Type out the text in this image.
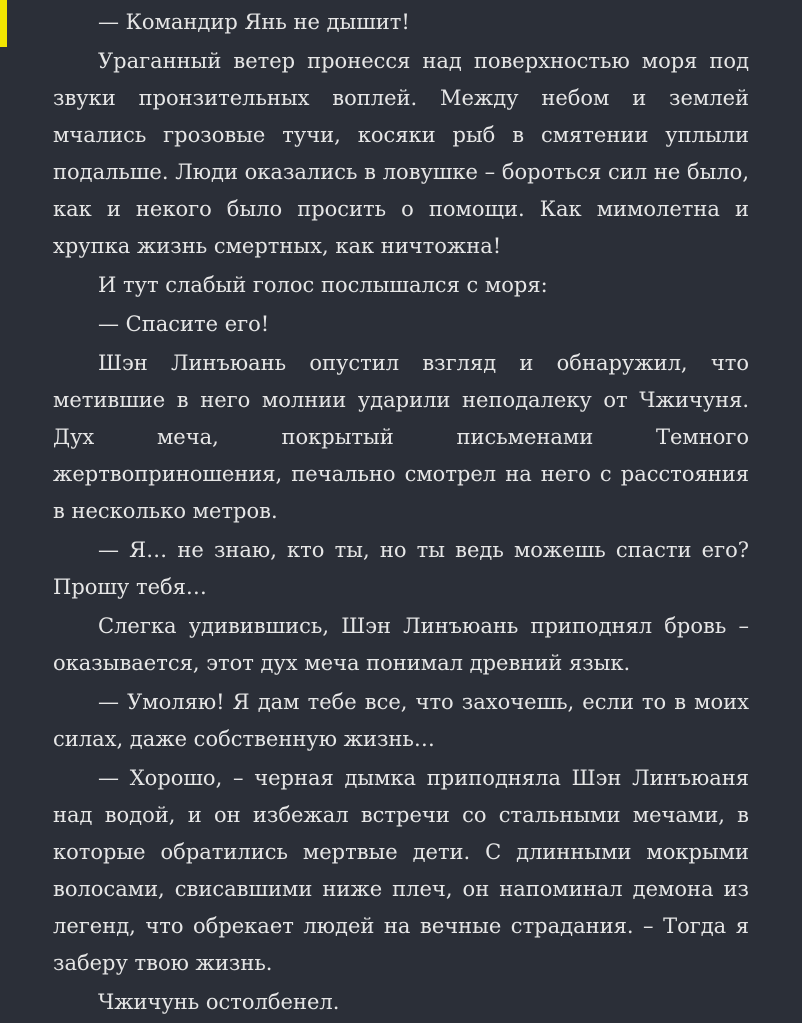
— Командир Янь не дышит!

Ураганный ветер пронесся над поверхностью моря под звуки пронзительных воплей. Между небом и землей мчались грозовые тучи, косяки рыб в смятении уплыли подальше. Люди оказались в ловушке – бороться сил не было, как и некого было просить о помощи. Как мимолетна и хрупка жизнь смертных, как ничтожна!

И тут слабый голос послышался с моря:

— Спасите его!

Шэн Линъюань опустил взгляд и обнаружил, что метившие в него молнии ударили неподалеку от Чжичуня. Дух меча, покрытый письменами Темного жертвоприношения, печально смотрел на него с расстояния в несколько метров.

— Я… не знаю, кто ты, но ты ведь можешь спасти его? Прошу тебя…

Слегка удивившись, Шэн Линъюань приподнял бровь – оказывается, этот дух меча понимал древний язык.

— Умоляю! Я дам тебе все, что захочешь, если то в моих силах, даже собственную жизнь…

— Хорошо, – черная дымка приподняла Шэн Линъюаня над водой, и он избежал встречи со стальными мечами, в которые обратились мертвые дети. С длинными мокрыми волосами, свисавшими ниже плеч, он напоминал демона из легенд, что обрекает людей на вечные страдания. – Тогда я заберу твою жизнь.

Чжичунь остолбенел.
